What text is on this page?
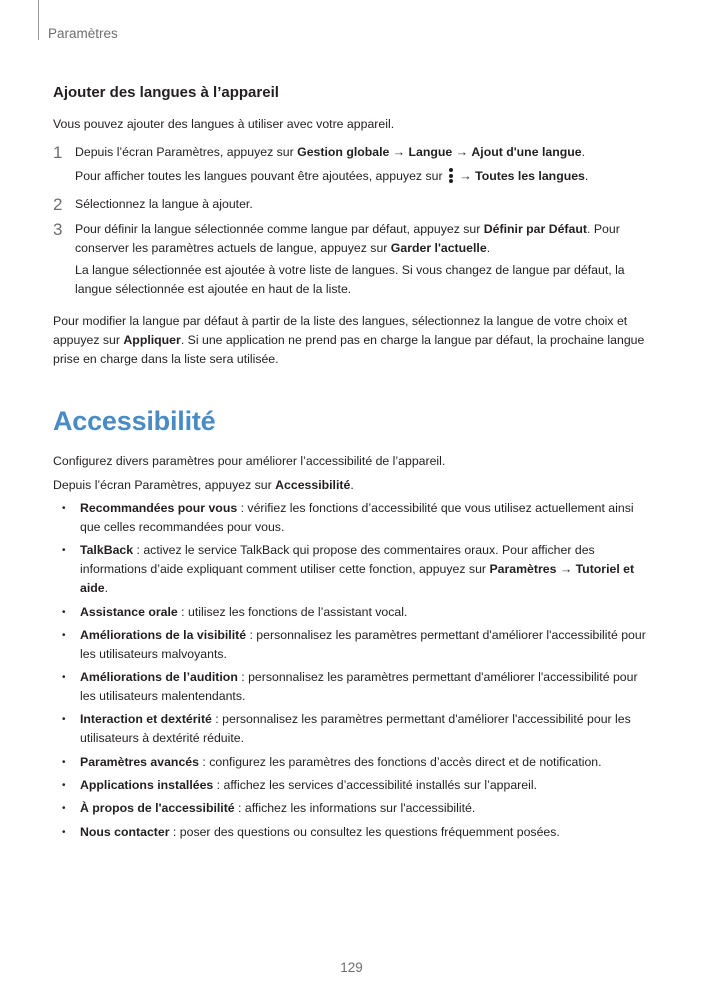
Paramètres
Ajouter des langues à l’appareil

Vous pouvez ajouter des langues à utiliser avec votre appareil.

1 Depuis l’écran Paramètres, appuyez sur Gestion globale → Langue → Ajout d'une langue.

Pour afficher toutes les langues pouvant être ajoutées, appuyez sur
→ Toutes les langues.

2 Sélectionnez la langue à ajouter.

3 Pour définir la langue sélectionnée comme langue par défaut, appuyez sur Définir par Défaut. Pour conserver les paramètres actuels de langue, appuyez sur Garder l'actuelle.

La langue sélectionnée est ajoutée à votre liste de langues. Si vous changez de langue par défaut, la langue sélectionnée est ajoutée en haut de la liste.

Pour modifier la langue par défaut à partir de la liste des langues, sélectionnez la langue de votre choix et appuyez sur Appliquer. Si une application ne prend pas en charge la langue par défaut, la prochaine langue prise en charge dans la liste sera utilisée.

Accessibilité

Configurez divers paramètres pour améliorer l’accessibilité de l’appareil.

Depuis l’écran Paramètres, appuyez sur Accessibilité.

• Recommandées pour vous : vérifiez les fonctions d’accessibilité que vous utilisez actuellement ainsi que celles recommandées pour vous.
• TalkBack : activez le service TalkBack qui propose des commentaires oraux. Pour afficher des informations d’aide expliquant comment utiliser cette fonction, appuyez sur Paramètres → Tutoriel et aide.
• Assistance orale : utilisez les fonctions de l’assistant vocal.
• Améliorations de la visibilité : personnalisez les paramètres permettant d'améliorer l'accessibilité pour les utilisateurs malvoyants.
• Améliorations de l’audition : personnalisez les paramètres permettant d'améliorer l'accessibilité pour les utilisateurs malentendants.
• Interaction et dextérité : personnalisez les paramètres permettant d'améliorer l'accessibilité pour les utilisateurs à dextérité réduite.
• Paramètres avancés : configurez les paramètres des fonctions d’accès direct et de notification.
• Applications installées : affichez les services d’accessibilité installés sur l’appareil.
• À propos de l'accessibilité : affichez les informations sur l'accessibilité.
• Nous contacter : poser des questions ou consultez les questions fréquemment posées.
129
